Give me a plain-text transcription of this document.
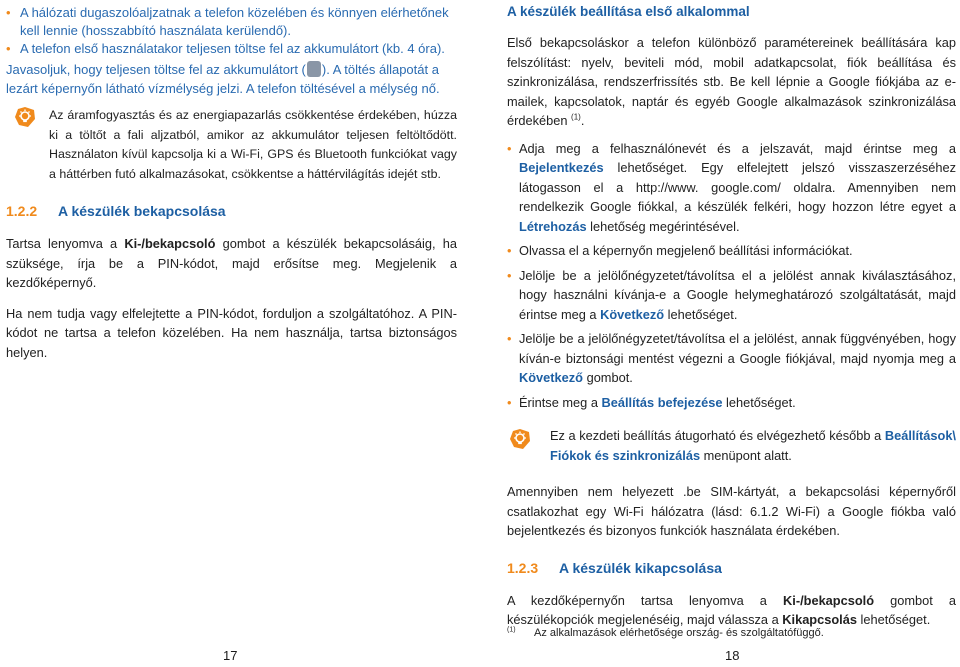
• A hálózati dugaszolóaljzatnak a telefon közelében és könnyen elérhetőnek kell lennie (hosszabbító használata kerülendő).
• A telefon első használatakor teljesen töltse fel az akkumulátort (kb. 4 óra).

Javasoljuk, hogy teljesen töltse fel az akkumulátort ( ). A töltés állapotát a lezárt képernyőn látható vízmélység jelzi. A telefon töltésével a mélység nő.

Az áramfogyasztás és az energiapazarlás csökkentése érdekében, húzza ki a töltőt a fali aljzatból, amikor az akkumulátor teljesen feltöltődött. Használaton kívül kapcsolja ki a Wi-Fi, GPS és Bluetooth funkciókat vagy a háttérben futó alkalmazásokat, csökkentse a háttérvilágítás idejét stb.

1.2.2 A készülék bekapcsolása

Tartsa lenyomva a Ki-/bekapcsoló gombot a készülék bekapcsolásáig, ha szüksége, írja be a PIN-kódot, majd erősítse meg. Megjelenik a kezdőképernyő.

Ha nem tudja vagy elfelejtette a PIN-kódot, forduljon a szolgáltatóhoz. A PIN-kódot ne tartsa a telefon közelében. Ha nem használja, tartsa biztonságos helyen.

17
A készülék beállítása első alkalommal

Első bekapcsoláskor a telefon különböző paramétereinek beállítására kap felszólítást: nyelv, beviteli mód, mobil adatkapcsolat, fiók beállítása és szinkronizálása, rendszerfrissítés stb. Be kell lépnie a Google fiókjába az e-mailek, kapcsolatok, naptár és egyéb Google alkalmazások szinkronizálása érdekében $^{(1)}$.

• Adja meg a felhasználónevét és a jelszavát, majd érintse meg a Bejelentkezés lehetőséget. Egy elfelejtett jelszó visszaszerzéséhez látogasson el a http://www. google.com/ oldalra. Amennyiben nem rendelkezik Google fiókkal, a készülék felkéri, hogy hozzon létre egyet a Létrehozás lehetőség megérintésével.
• Olvassa el a képernyőn megjelenő beállítási információkat.
• Jelölje be a jelölőnégyzetet/távolítsa el a jelölést annak kiválasztásához, hogy használni kívánja-e a Google helymeghatározó szolgáltatását, majd érintse meg a Következő lehetőséget.
• Jelölje be a jelölőnégyzetet/távolítsa el a jelölést, annak függvényében, hogy kíván-e biztonsági mentést végezni a Google fiókjával, majd nyomja meg a Következő gombot.
• Érintse meg a Beállítás befejezése lehetőséget.

Ez a kezdeti beállítás átugorható és elvégezhető később a Beállítások\ Fiókok és szinkronizálás menüpont alatt.

Amennyiben nem helyezett .be SIM-kártyát, a bekapcsolási képernyőről csatlakozhat egy Wi-Fi hálózatra (lásd: 6.1.2 Wi-Fi) a Google fiókba való bejelentkezés és bizonyos funkciók használata érdekében.

1.2.3 A készülék kikapcsolása

A kezdőképernyőn tartsa lenyomva a Ki-/bekapcsoló gombot a készülékopciók megjelenéséig, majd válassza a Kikapcsolás lehetőséget.

$^{(1)}$ Az alkalmazások elérhetősége ország- és szolgáltatófüggő.
18
